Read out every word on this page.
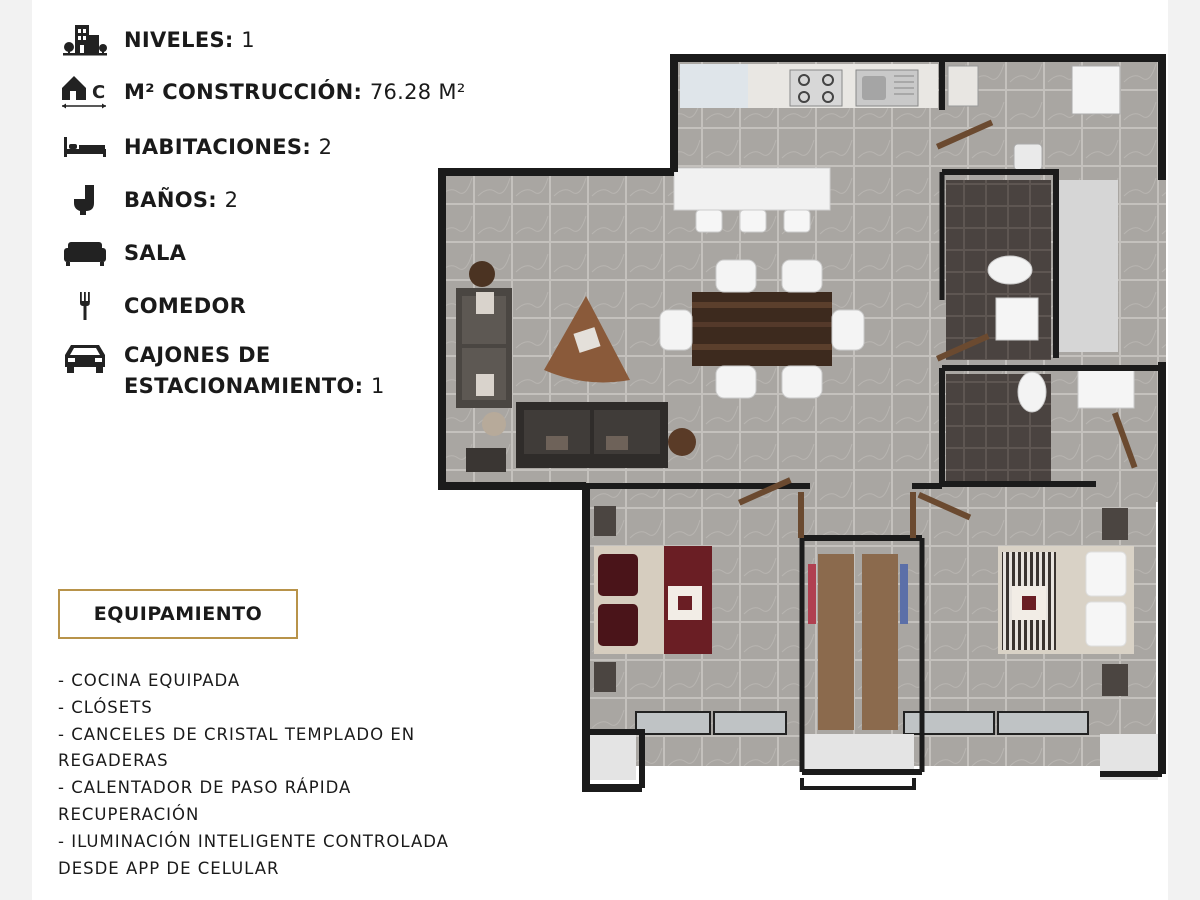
NIVELES: 1
C M² CONSTRUCCIÓN: 76.28 M²
HABITACIONES: 2
BAÑOS: 2
SALA
COMEDOR
CAJONES DE
ESTACIONAMIENTO: 1
EQUIPAMIENTO
- COCINA EQUIPADA
- CLÓSETS
- CANCELES DE CRISTAL TEMPLADO EN REGADERAS
- CALENTADOR DE PASO RÁPIDA RECUPERACIÓN
- ILUMINACIÓN INTELIGENTE CONTROLADA DESDE APP DE CELULAR
